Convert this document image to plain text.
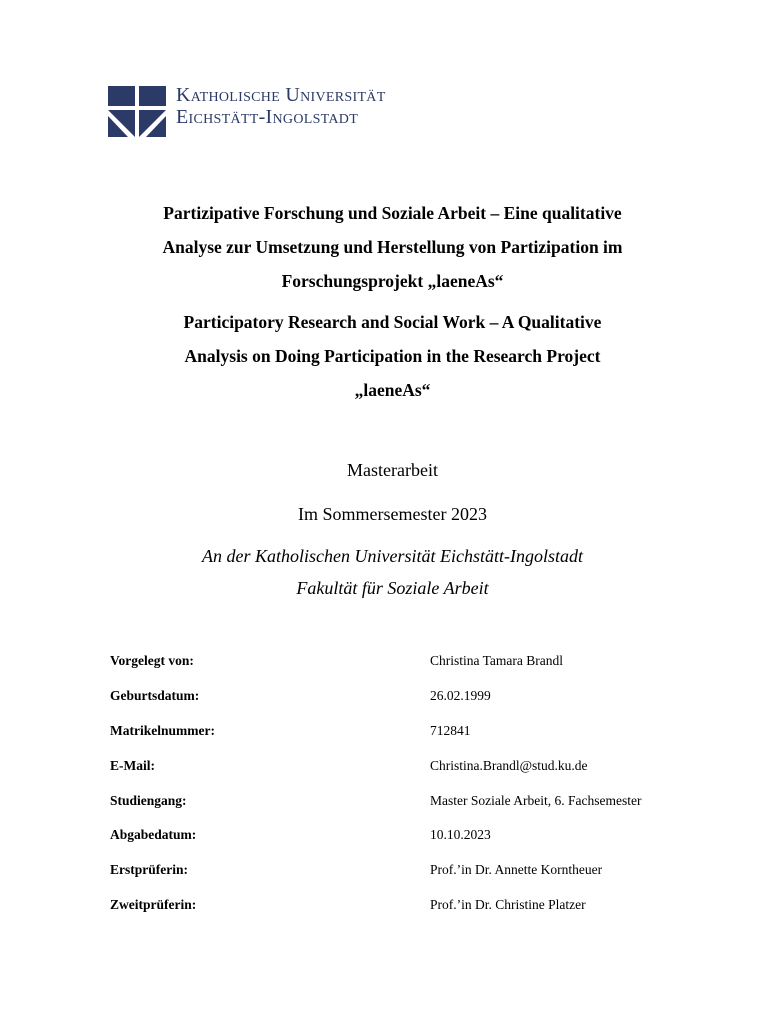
Katholische Universität
Eichstätt-Ingolstadt
Partizipative Forschung und Soziale Arbeit – Eine qualitative
Analyse zur Umsetzung und Herstellung von Partizipation im
Forschungsprojekt „laeneAs“
Participatory Research and Social Work – A Qualitative
Analysis on Doing Participation in the Research Project
„laeneAs“
Masterarbeit
Im Sommersemester 2023
An der Katholischen Universität Eichstätt-Ingolstadt
Fakultät für Soziale Arbeit
Vorgelegt von:	Christina Tamara Brandl
Geburtsdatum:	26.02.1999
Matrikelnummer:	712841
E-Mail:	Christina.Brandl@stud.ku.de
Studiengang:	Master Soziale Arbeit, 6. Fachsemester
Abgabedatum:	10.10.2023
Erstprüferin:	Prof.’in Dr. Annette Korntheuer
Zweitprüferin:	Prof.’in Dr. Christine Platzer
